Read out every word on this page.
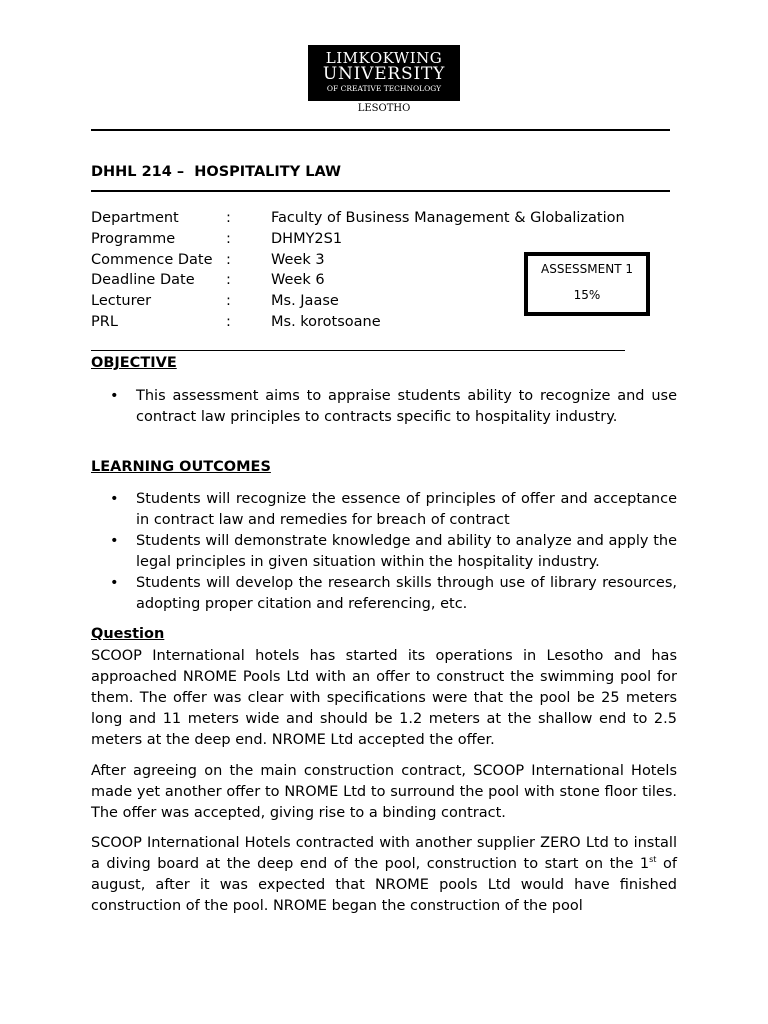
LIMKOKWING
UNIVERSITY
OF CREATIVE TECHNOLOGY
LESOTHO
DHHL 214 –  HOSPITALITY LAW
Department	:	Faculty of Business Management & Globalization
Programme	:	DHMY2S1
Commence Date :	Week 3
Deadline Date :	Week 6
Lecturer	:	Ms. Jaase
PRL	:	Ms. korotsoane
ASSESSMENT 1
15%
OBJECTIVE
• This assessment aims to appraise students ability to recognize and use contract law principles to contracts specific to hospitality industry.
LEARNING OUTCOMES
• Students will recognize the essence of principles of offer and acceptance in contract law and remedies for breach of contract
• Students will demonstrate knowledge and ability to analyze and apply the legal principles in given situation within the hospitality industry.
• Students will develop the research skills through use of library resources, adopting proper citation and referencing, etc.
Question

SCOOP International hotels has started its operations in Lesotho and has approached NROME Pools Ltd with an offer to construct the swimming pool for them. The offer was clear with specifications were that the pool be 25 meters long and 11 meters wide and should be 1.2 meters at the shallow end to 2.5 meters at the deep end. NROME Ltd accepted the offer.

After agreeing on the main construction contract, SCOOP International Hotels made yet another offer to NROME Ltd to surround the pool with stone floor tiles. The offer was accepted, giving rise to a binding contract.

SCOOP International Hotels contracted with another supplier ZERO Ltd to install a diving board at the deep end of the pool, construction to start on the 1st of august, after it was expected that NROME pools Ltd would have finished construction of the pool. NROME began the construction of the pool
